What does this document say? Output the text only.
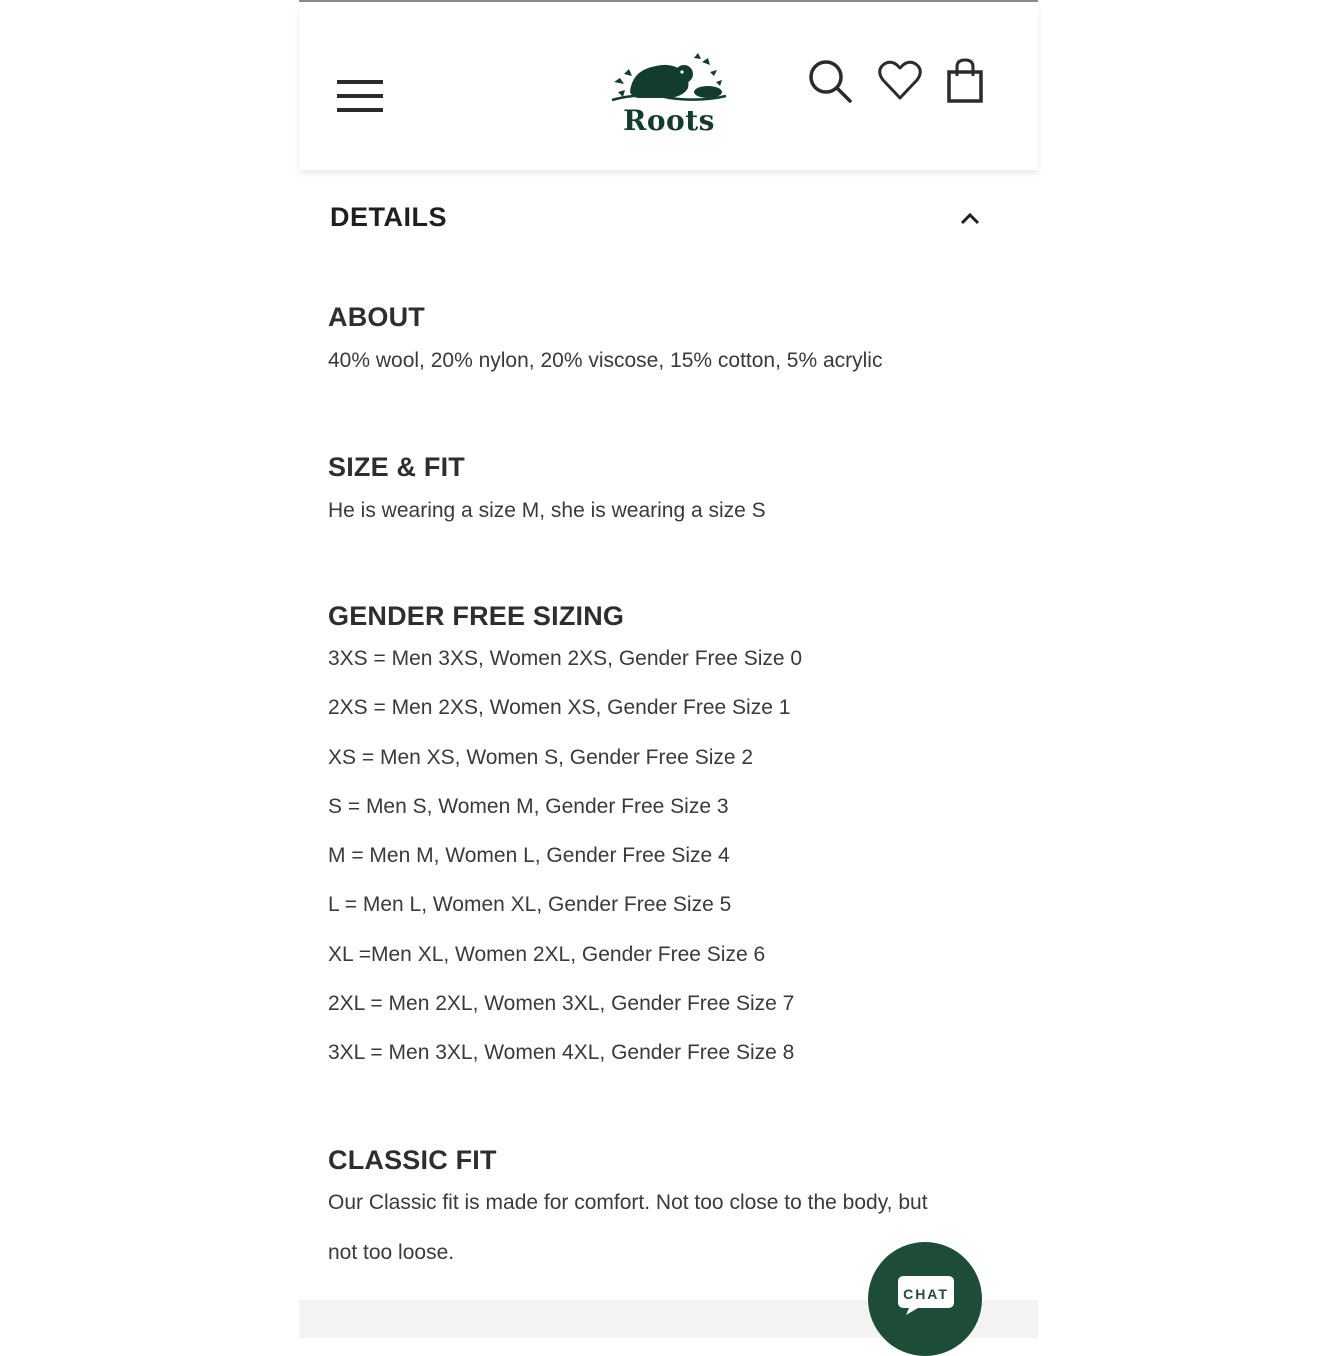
Roots
DETAILS
ABOUT

40% wool, 20% nylon, 20% viscose, 15% cotton, 5% acrylic

SIZE & FIT

He is wearing a size M, she is wearing a size S

GENDER FREE SIZING
3XS = Men 3XS, Women 2XS, Gender Free Size 0
2XS = Men 2XS, Women XS, Gender Free Size 1
XS = Men XS, Women S, Gender Free Size 2
S = Men S, Women M, Gender Free Size 3
M = Men M, Women L, Gender Free Size 4
L = Men L, Women XL, Gender Free Size 5
XL =Men XL, Women 2XL, Gender Free Size 6
2XL = Men 2XL, Women 3XL, Gender Free Size 7
3XL = Men 3XL, Women 4XL, Gender Free Size 8
CLASSIC FIT

Our Classic fit is made for comfort. Not too close to the body, but

not too loose.

CHAT
